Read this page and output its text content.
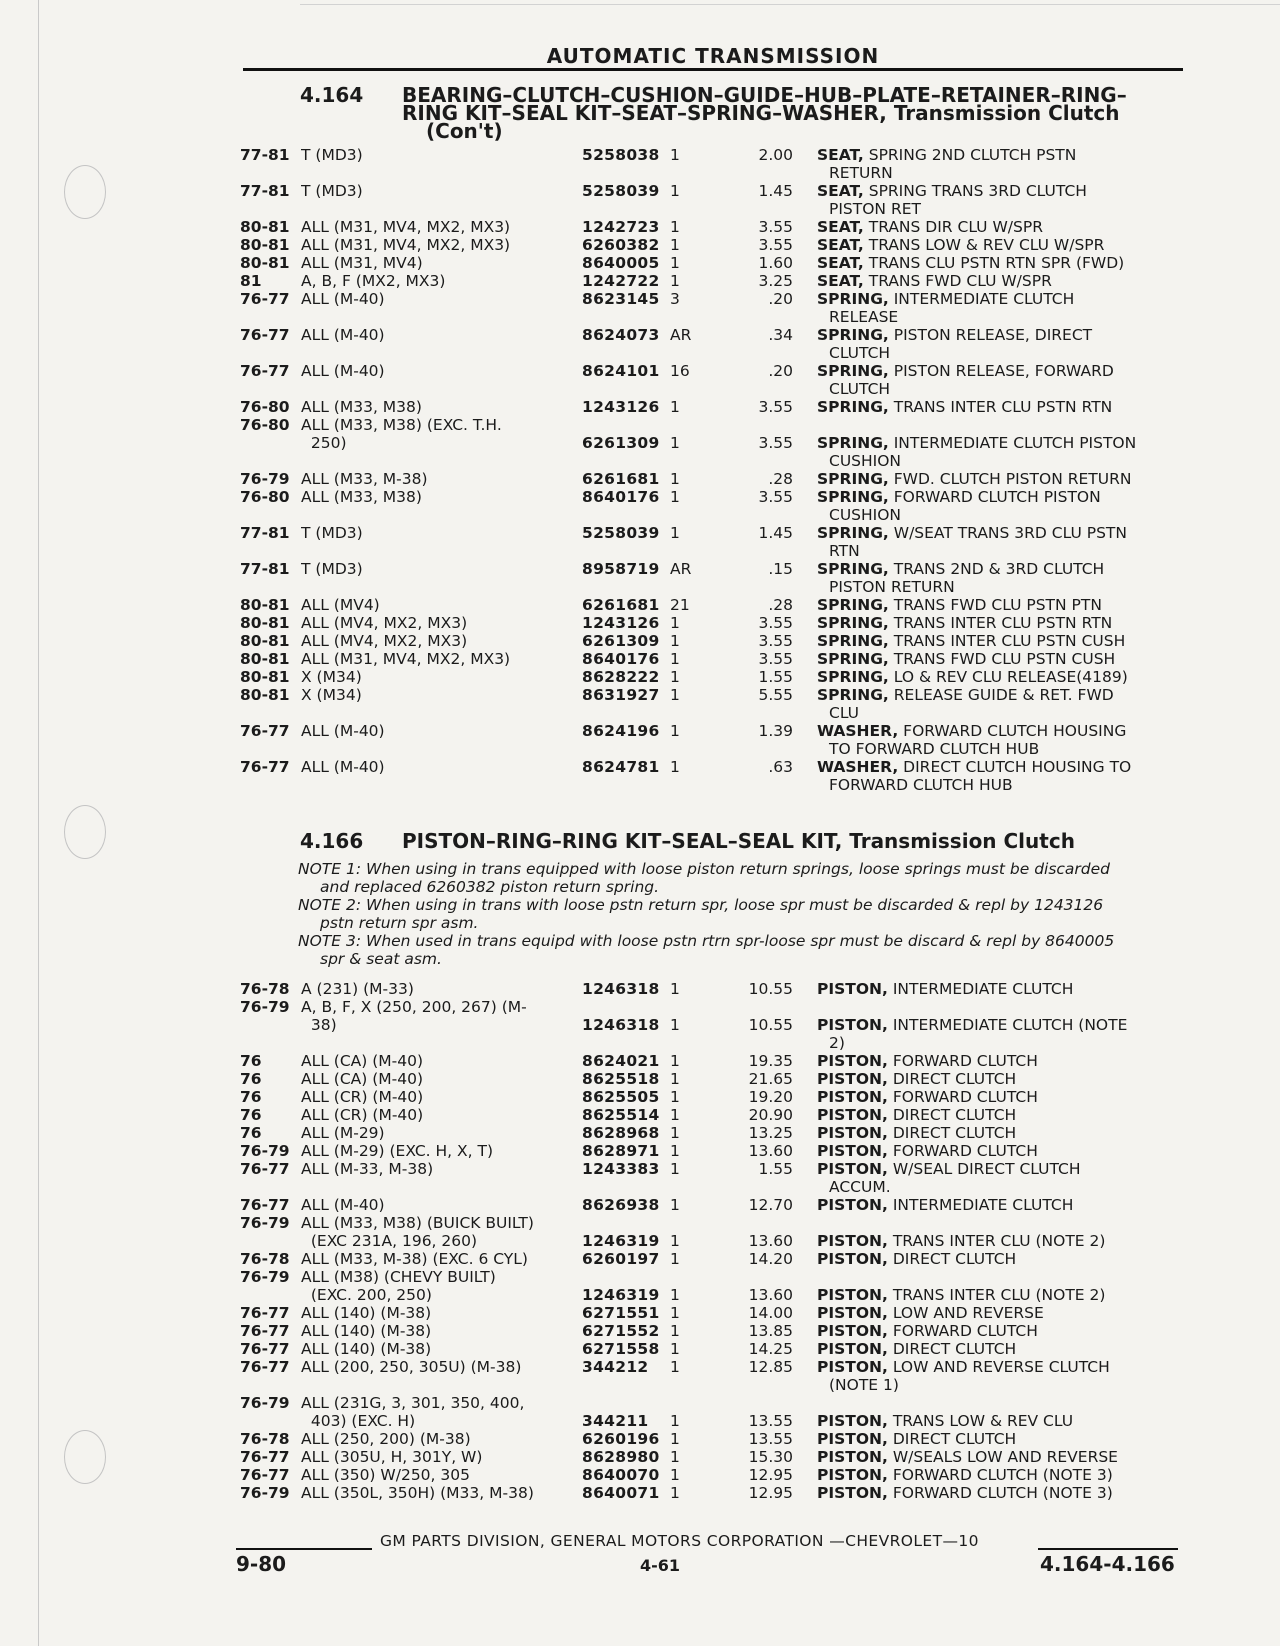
AUTOMATIC TRANSMISSION
4.164	BEARING–CLUTCH–CUSHION–GUIDE–HUB–PLATE–RETAINER–RING–
RING KIT–SEAL KIT–SEAT–SPRING–WASHER, Transmission Clutch
(Con't)
4.166	PISTON–RING–RING KIT–SEAL–SEAL KIT, Transmission Clutch
NOTE 1: When using in trans equipped with loose piston return springs, loose springs must be discarded
and replaced 6260382 piston return spring.
NOTE 2: When using in trans with loose pstn return spr, loose spr must be discarded & repl by 1243126
pstn return spr asm.
NOTE 3: When used in trans equipd with loose pstn rtrn spr-loose spr must be discard & repl by 8640005
spr & seat asm.
77-81 T (MD3)	5258038 1	2.00 SEAT, SPRING 2ND CLUTCH PSTN
RETURN
77-81 T (MD3)	5258039 1	1.45 SEAT, SPRING TRANS 3RD CLUTCH
PISTON RET
80-81 ALL (M31, MV4, MX2, MX3)	1242723 1	3.55 SEAT, TRANS DIR CLU W/SPR
80-81 ALL (M31, MV4, MX2, MX3)	6260382 1	3.55 SEAT, TRANS LOW & REV CLU W/SPR
80-81 ALL (M31, MV4)	8640005 1	1.60 SEAT, TRANS CLU PSTN RTN SPR (FWD)
81	A, B, F (MX2, MX3)	1242722 1	3.25 SEAT, TRANS FWD CLU W/SPR
76-77 ALL (M-40)	8623145 3	.20 SPRING, INTERMEDIATE CLUTCH
RELEASE
76-77 ALL (M-40)	8624073 AR	.34 SPRING, PISTON RELEASE, DIRECT
CLUTCH
76-77 ALL (M-40)	8624101 16	.20 SPRING, PISTON RELEASE, FORWARD
CLUTCH
76-80 ALL (M33, M38)	1243126 1	3.55 SPRING, TRANS INTER CLU PSTN RTN
76-80 ALL (M33, M38) (EXC. T.H.
250)	6261309 1	3.55 SPRING, INTERMEDIATE CLUTCH PISTON
CUSHION
76-79 ALL (M33, M-38)	6261681 1	.28 SPRING, FWD. CLUTCH PISTON RETURN
76-80 ALL (M33, M38)	8640176 1	3.55 SPRING, FORWARD CLUTCH PISTON
CUSHION
77-81 T (MD3)	5258039 1	1.45 SPRING, W/SEAT TRANS 3RD CLU PSTN
RTN
77-81 T (MD3)	8958719 AR	.15 SPRING, TRANS 2ND & 3RD CLUTCH
PISTON RETURN
80-81 ALL (MV4)	6261681 21	.28 SPRING, TRANS FWD CLU PSTN PTN
80-81 ALL (MV4, MX2, MX3)	1243126 1	3.55 SPRING, TRANS INTER CLU PSTN RTN
80-81 ALL (MV4, MX2, MX3)	6261309 1	3.55 SPRING, TRANS INTER CLU PSTN CUSH
80-81 ALL (M31, MV4, MX2, MX3)	8640176 1	3.55 SPRING, TRANS FWD CLU PSTN CUSH
80-81 X (M34)	8628222 1	1.55 SPRING, LO & REV CLU RELEASE(4189)
80-81 X (M34)	8631927 1	5.55 SPRING, RELEASE GUIDE & RET. FWD
CLU
76-77 ALL (M-40)	8624196 1	1.39 WASHER, FORWARD CLUTCH HOUSING
TO FORWARD CLUTCH HUB
76-77 ALL (M-40)	8624781 1	.63 WASHER, DIRECT CLUTCH HOUSING TO
FORWARD CLUTCH HUB
76-78 A (231) (M-33)	1246318 1	10.55 PISTON, INTERMEDIATE CLUTCH
76-79 A, B, F, X (250, 200, 267) (M-
38)	1246318 1	10.55 PISTON, INTERMEDIATE CLUTCH (NOTE
2)
76	ALL (CA) (M-40)	8624021 1	19.35 PISTON, FORWARD CLUTCH
76	ALL (CA) (M-40)	8625518 1	21.65 PISTON, DIRECT CLUTCH
76	ALL (CR) (M-40)	8625505 1	19.20 PISTON, FORWARD CLUTCH
76	ALL (CR) (M-40)	8625514 1	20.90 PISTON, DIRECT CLUTCH
76	ALL (M-29)	8628968 1	13.25 PISTON, DIRECT CLUTCH
76-79 ALL (M-29) (EXC. H, X, T)	8628971 1	13.60 PISTON, FORWARD CLUTCH
76-77 ALL (M-33, M-38)	1243383 1	1.55 PISTON, W/SEAL DIRECT CLUTCH
ACCUM.
76-77 ALL (M-40)	8626938 1	12.70 PISTON, INTERMEDIATE CLUTCH
76-79 ALL (M33, M38) (BUICK BUILT)
(EXC 231A, 196, 260)	1246319 1	13.60 PISTON, TRANS INTER CLU (NOTE 2)
76-78 ALL (M33, M-38) (EXC. 6 CYL)	6260197 1	14.20 PISTON, DIRECT CLUTCH
76-79 ALL (M38) (CHEVY BUILT)
(EXC. 200, 250)	1246319 1	13.60 PISTON, TRANS INTER CLU (NOTE 2)
76-77 ALL (140) (M-38)	6271551 1	14.00 PISTON, LOW AND REVERSE
76-77 ALL (140) (M-38)	6271552 1	13.85 PISTON, FORWARD CLUTCH
76-77 ALL (140) (M-38)	6271558 1	14.25 PISTON, DIRECT CLUTCH
76-77 ALL (200, 250, 305U) (M-38)	344212	1	12.85 PISTON, LOW AND REVERSE CLUTCH
(NOTE 1)
76-79 ALL (231G, 3, 301, 350, 400,
403) (EXC. H)	344211	1	13.55 PISTON, TRANS LOW & REV CLU
76-78 ALL (250, 200) (M-38)	6260196 1	13.55 PISTON, DIRECT CLUTCH
76-77 ALL (305U, H, 301Y, W)	8628980 1	15.30 PISTON, W/SEALS LOW AND REVERSE
76-77 ALL (350) W/250, 305	8640070 1	12.95 PISTON, FORWARD CLUTCH (NOTE 3)
76-79 ALL (350L, 350H) (M33, M-38)	8640071 1	12.95 PISTON, FORWARD CLUTCH (NOTE 3)
GM PARTS DIVISION, GENERAL MOTORS CORPORATION —CHEVROLET—10
9-80	4-61	4.164-4.166
